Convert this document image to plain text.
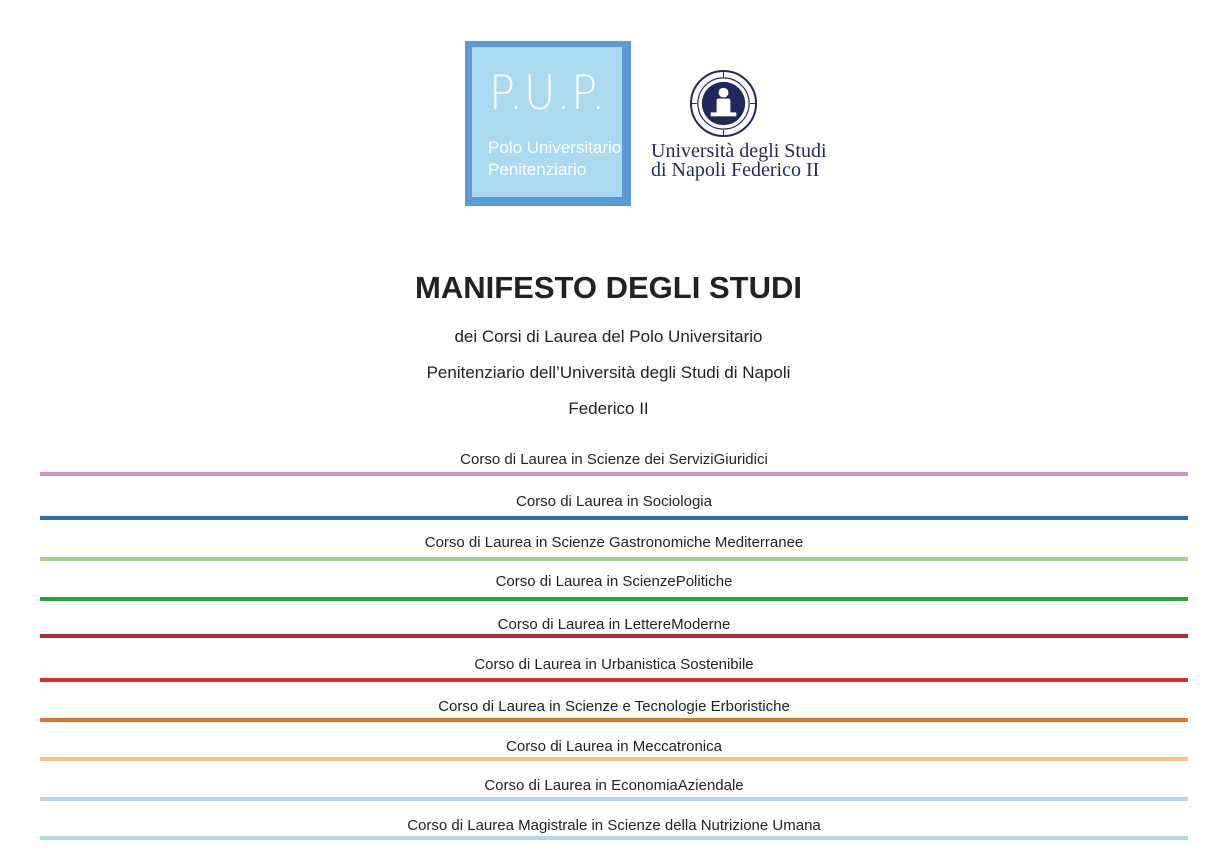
P.U.P.
Polo Universitario
Penitenziario
Università degli Studi
di Napoli Federico II
MANIFESTO DEGLI STUDI
dei Corsi di Laurea del Polo Universitario
Penitenziario dell’Università degli Studi di Napoli
Federico II
Corso di Laurea in Scienze dei ServiziGiuridici
Corso di Laurea in Sociologia
Corso di Laurea in Scienze Gastronomiche Mediterranee
Corso di Laurea in ScienzePolitiche
Corso di Laurea in LettereModerne
Corso di Laurea in Urbanistica Sostenibile
Corso di Laurea in Scienze e Tecnologie Erboristiche
Corso di Laurea in Meccatronica
Corso di Laurea in EconomiaAziendale
Corso di Laurea Magistrale in Scienze della Nutrizione Umana
